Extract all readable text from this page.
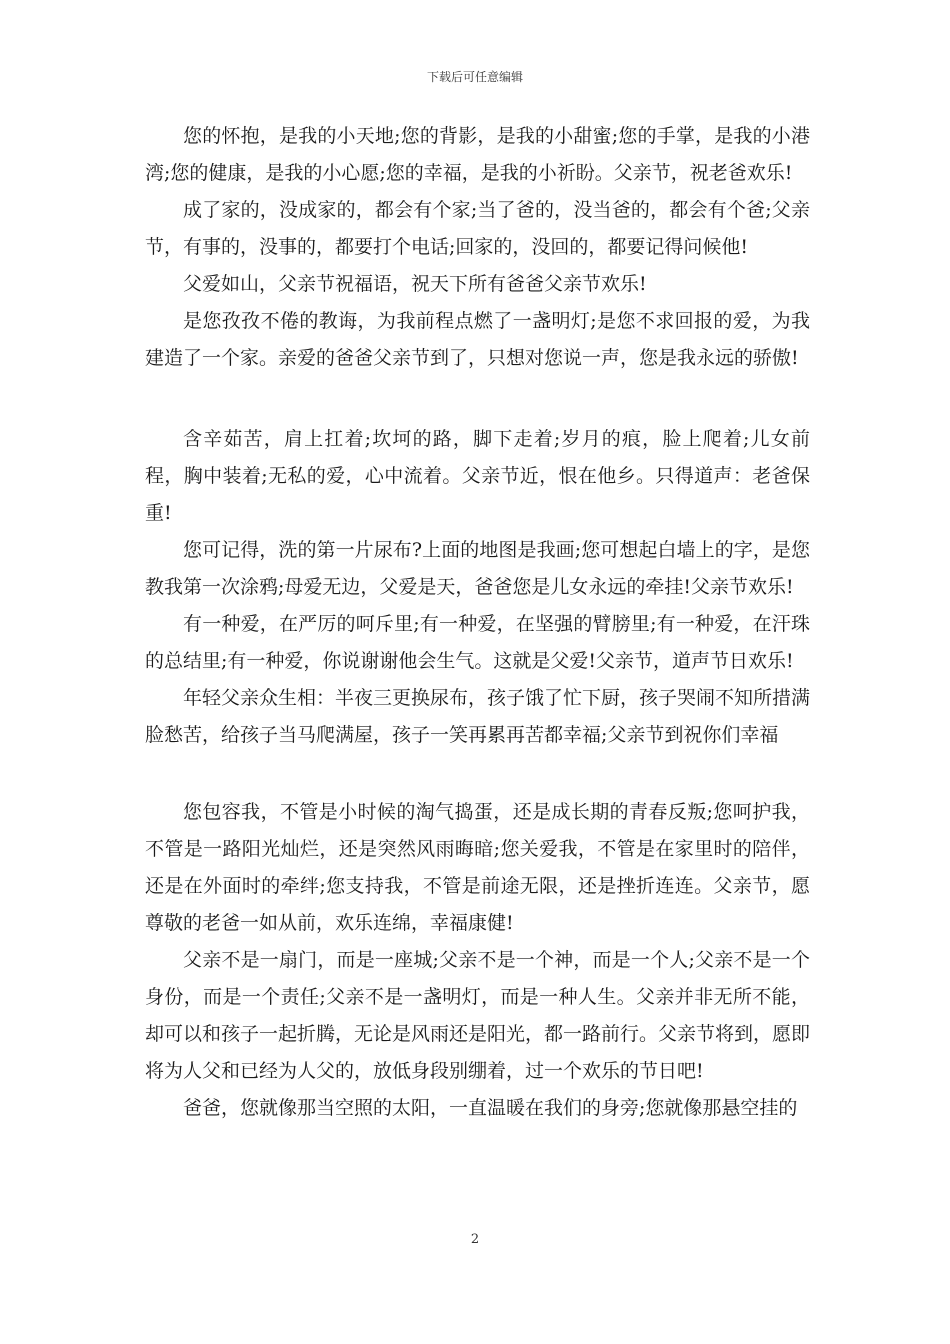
下载后可任意编辑

您的怀抱，是我的小天地;您的背影，是我的小甜蜜;您的手掌，是我的小港湾;您的健康，是我的小心愿;您的幸福，是我的小祈盼。父亲节，祝老爸欢乐!

成了家的，没成家的，都会有个家;当了爸的，没当爸的，都会有个爸;父亲节，有事的，没事的，都要打个电话;回家的，没回的，都要记得问候他!

父爱如山，父亲节祝福语，祝天下所有爸爸父亲节欢乐!

是您孜孜不倦的教诲，为我前程点燃了一盏明灯;是您不求回报的爱，为我建造了一个家。亲爱的爸爸父亲节到了，只想对您说一声，您是我永远的骄傲!

含辛茹苦，肩上扛着;坎坷的路，脚下走着;岁月的痕，脸上爬着;儿女前程，胸中装着;无私的爱，心中流着。父亲节近，恨在他乡。只得道声：老爸保重!

您可记得，洗的第一片尿布?上面的地图是我画;您可想起白墙上的字，是您教我第一次涂鸦;母爱无边，父爱是天，爸爸您是儿女永远的牵挂!父亲节欢乐!

有一种爱，在严厉的呵斥里;有一种爱，在坚强的臂膀里;有一种爱，在汗珠的总结里;有一种爱，你说谢谢他会生气。这就是父爱!父亲节，道声节日欢乐!

年轻父亲众生相：半夜三更换尿布，孩子饿了忙下厨，孩子哭闹不知所措满脸愁苦，给孩子当马爬满屋，孩子一笑再累再苦都幸福;父亲节到祝你们幸福

您包容我，不管是小时候的淘气捣蛋，还是成长期的青春反叛;您呵护我，不管是一路阳光灿烂，还是突然风雨晦暗;您关爱我，不管是在家里时的陪伴，还是在外面时的牵绊;您支持我，不管是前途无限，还是挫折连连。父亲节，愿尊敬的老爸一如从前，欢乐连绵，幸福康健!

父亲不是一扇门，而是一座城;父亲不是一个神，而是一个人;父亲不是一个身份，而是一个责任;父亲不是一盏明灯，而是一种人生。父亲并非无所不能，却可以和孩子一起折腾，无论是风雨还是阳光，都一路前行。父亲节将到，愿即将为人父和已经为人父的，放低身段别绷着，过一个欢乐的节日吧!

爸爸，您就像那当空照的太阳，一直温暖在我们的身旁;您就像那悬空挂的

2
